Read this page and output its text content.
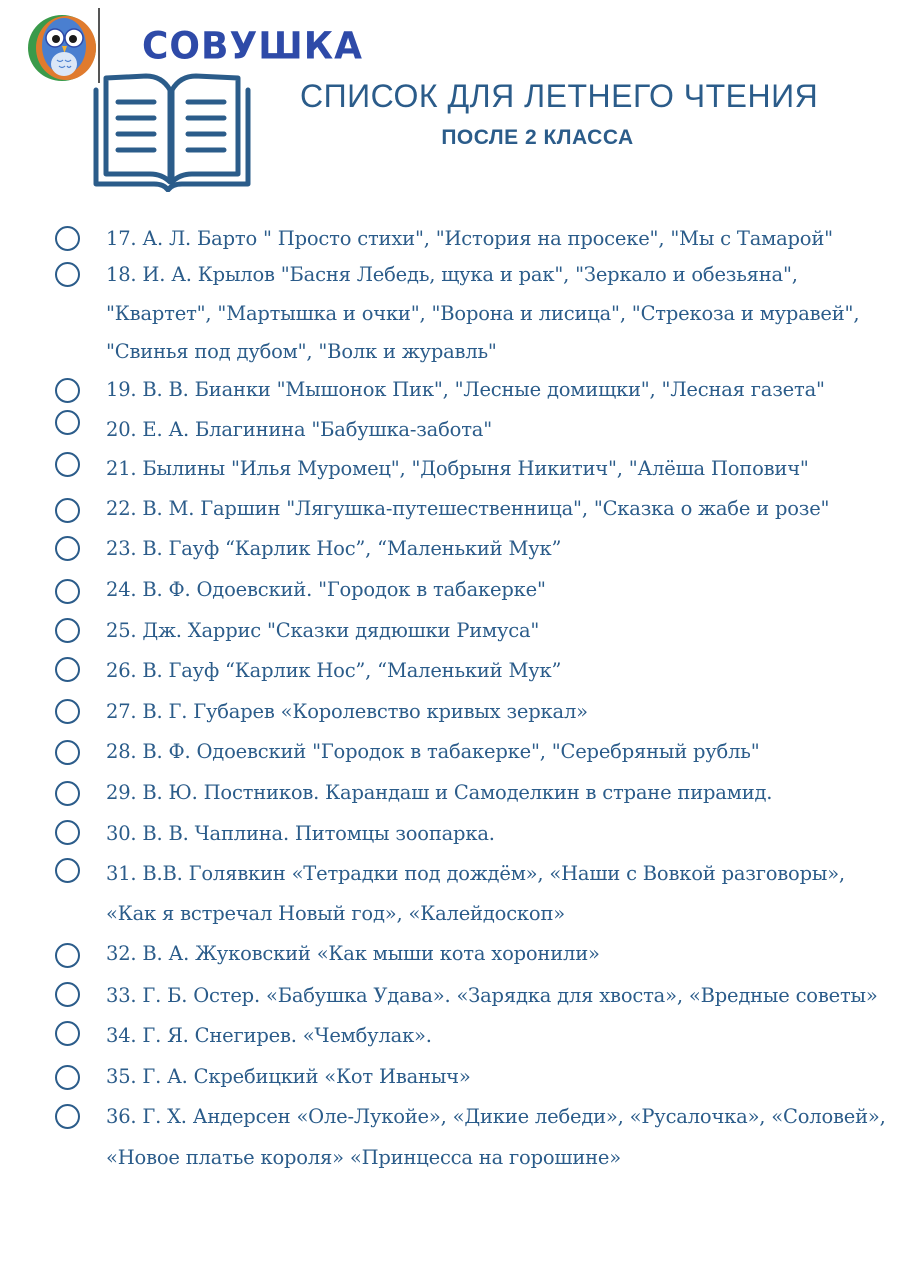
СОВУШКА
СПИСОК ДЛЯ ЛЕТНЕГО ЧТЕНИЯ
ПОСЛЕ 2 КЛАССА
17. А. Л. Барто " Просто стихи", "История на просеке", "Мы с Тамарой"
18. И. А. Крылов "Басня Лебедь, щука и рак", "Зеркало и обезьяна",
"Квартет", "Мартышка и очки", "Ворона и лисица", "Стрекоза и муравей",
"Свинья под дубом", "Волк и журавль"
19. В. В. Бианки "Мышонок Пик", "Лесные домищки", "Лесная газета"
20. Е. А. Благинина "Бабушка-забота"
21. Былины "Илья Муромец", "Добрыня Никитич", "Алёша Попович"
22. В. М. Гаршин "Лягушка-путешественница", "Сказка о жабе и розе"
23. В. Гауф “Карлик Нос”, “Маленький Мук”
24. В. Ф. Одоевский. "Городок в табакерке"
25. Дж. Харрис "Сказки дядюшки Римуса"
26. В. Гауф “Карлик Нос”, “Маленький Мук”
27. В. Г. Губарев «Королевство кривых зеркал»
28. В. Ф. Одоевский "Городок в табакерке", "Серебряный рубль"
29. В. Ю. Постников. Карандаш и Самоделкин в стране пирамид.
30. В. В. Чаплина. Питомцы зоопарка.
31. В.В. Голявкин «Тетрадки под дождём», «Наши с Вовкой разговоры»,
«Как я встречал Новый год», «Калейдоскоп»
32. В. А. Жуковский «Как мыши кота хоронили»
33. Г. Б. Остер. «Бабушка Удава». «Зарядка для хвоста», «Вредные советы»
34. Г. Я. Снегирев. «Чембулак».
35. Г. А. Скребицкий «Кот Иваныч»
36. Г. Х. Андерсен «Оле-Лукойе», «Дикие лебеди», «Русалочка», «Соловей»,
«Новое платье короля» «Принцесса на горошине»
